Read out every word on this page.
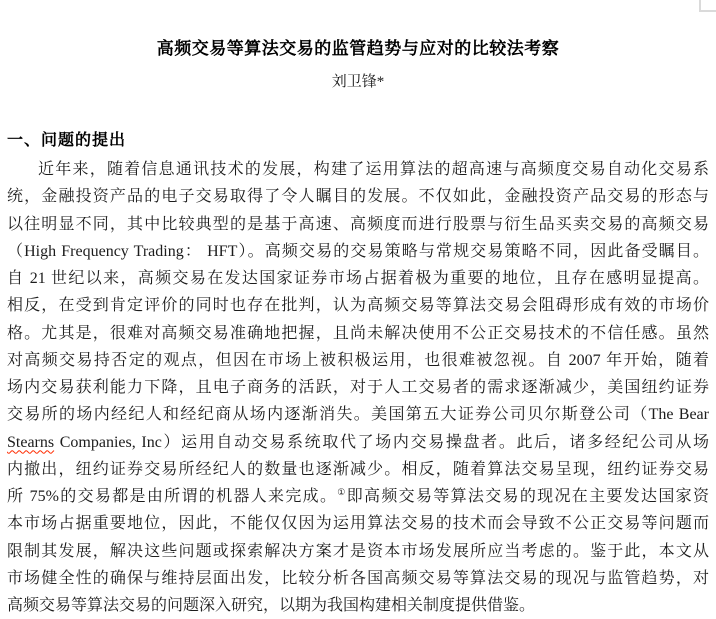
高频交易等算法交易的监管趋势与应对的比较法考察
刘卫锋*
一、问题的提出
近年来，随着信息通讯技术的发展，构建了运用算法的超高速与高频度交易自动化交易系
统，金融投资产品的电子交易取得了令人瞩目的发展。不仅如此，金融投资产品交易的形态与
以往明显不同，其中比较典型的是基于高速、高频度而进行股票与衍生品买卖交易的高频交易
（High Frequency Trading： HFT）。高频交易的交易策略与常规交易策略不同，因此备受瞩目。
自 21 世纪以来，高频交易在发达国家证券市场占据着极为重要的地位，且存在感明显提高。
相反，在受到肯定评价的同时也存在批判，认为高频交易等算法交易会阻碍形成有效的市场价
格。尤其是，很难对高频交易准确地把握，且尚未解决使用不公正交易技术的不信任感。虽然
对高频交易持否定的观点，但因在市场上被积极运用，也很难被忽视。自 2007 年开始，随着
场内交易获利能力下降，且电子商务的活跃，对于人工交易者的需求逐渐减少，美国纽约证券
交易所的场内经纪人和经纪商从场内逐渐消失。美国第五大证券公司贝尔斯登公司（The Bear
Stearns Companies, Inc）运用自动交易系统取代了场内交易操盘者。此后，诸多经纪公司从场
内撤出，纽约证券交易所经纪人的数量也逐渐减少。相反，随着算法交易呈现，纽约证券交易
所 75%的交易都是由所谓的机器人来完成。①即高频交易等算法交易的现况在主要发达国家资
本市场占据重要地位，因此，不能仅仅因为运用算法交易的技术而会导致不公正交易等问题而
限制其发展，解决这些问题或探索解决方案才是资本市场发展所应当考虑的。鉴于此，本文从
市场健全性的确保与维持层面出发，比较分析各国高频交易等算法交易的现况与监管趋势，对
高频交易等算法交易的问题深入研究，以期为我国构建相关制度提供借鉴。
